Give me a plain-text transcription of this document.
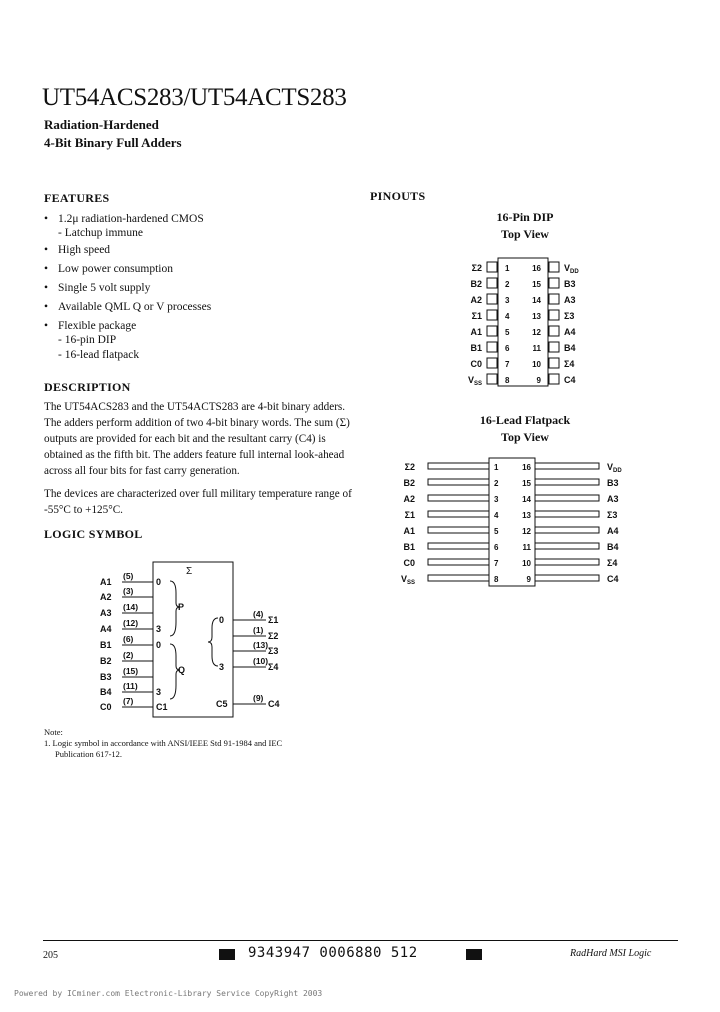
UT54ACS283/UT54ACTS283
Radiation-Hardened
4-Bit Binary Full Adders
FEATURES
• 1.2μ radiation-hardened CMOS
- Latchup immune
• High speed
• Low power consumption
• Single 5 volt supply
• Available QML Q or V processes
• Flexible package
- 16-pin DIP
- 16-lead flatpack
DESCRIPTION
The UT54ACS283 and the UT54ACTS283 are 4-bit binary adders. The adders perform addition of two 4-bit binary words. The sum (Σ) outputs are provided for each bit and the resultant carry (C4) is obtained as the fifth bit. The adders feature full internal look-ahead across all four bits for fast carry generation.
The devices are characterized over full military temperature range of -55°C to +125°C.
LOGIC SYMBOL
Σ
P
Q
A1
(5)
0
A2
(3)
A3
(14)
A4
(12)
3
B1
(6)
0
B2
(2)
B3
(15)
B4
(11)
3
C0
(7)
C1
Σ1
(4)
0
Σ2
(1)
Σ3
(13)
Σ4
(10)
3
C4
(9)
C5
Note:
1. Logic symbol in accordance with ANSI/IEEE Std 91-1984 and IEC
Publication 617-12.
PINOUTS
16-Pin DIP
Top View
Σ2	1	16	$V_{DD}$
B2	2	15	B3
A2	3	14	A3
Σ1	4	13	Σ3
A1	5	12	A4
B1	6	11	B4
C0	7	10	Σ4
$V_{SS}$	8	9	C4
16-Lead Flatpack
Top View
Σ2	1	16	$V_{DD}$
B2	2	15	B3
A2	3	14	A3
Σ1	4	13	Σ3
A1	5	12	A4
B1	6	11	B4
C0	7	10	Σ4
$V_{SS}$	8	9	C4
205	9343947 0006880 512	RadHard MSI Logic
Powered by ICminer.com Electronic-Library Service CopyRight 2003
